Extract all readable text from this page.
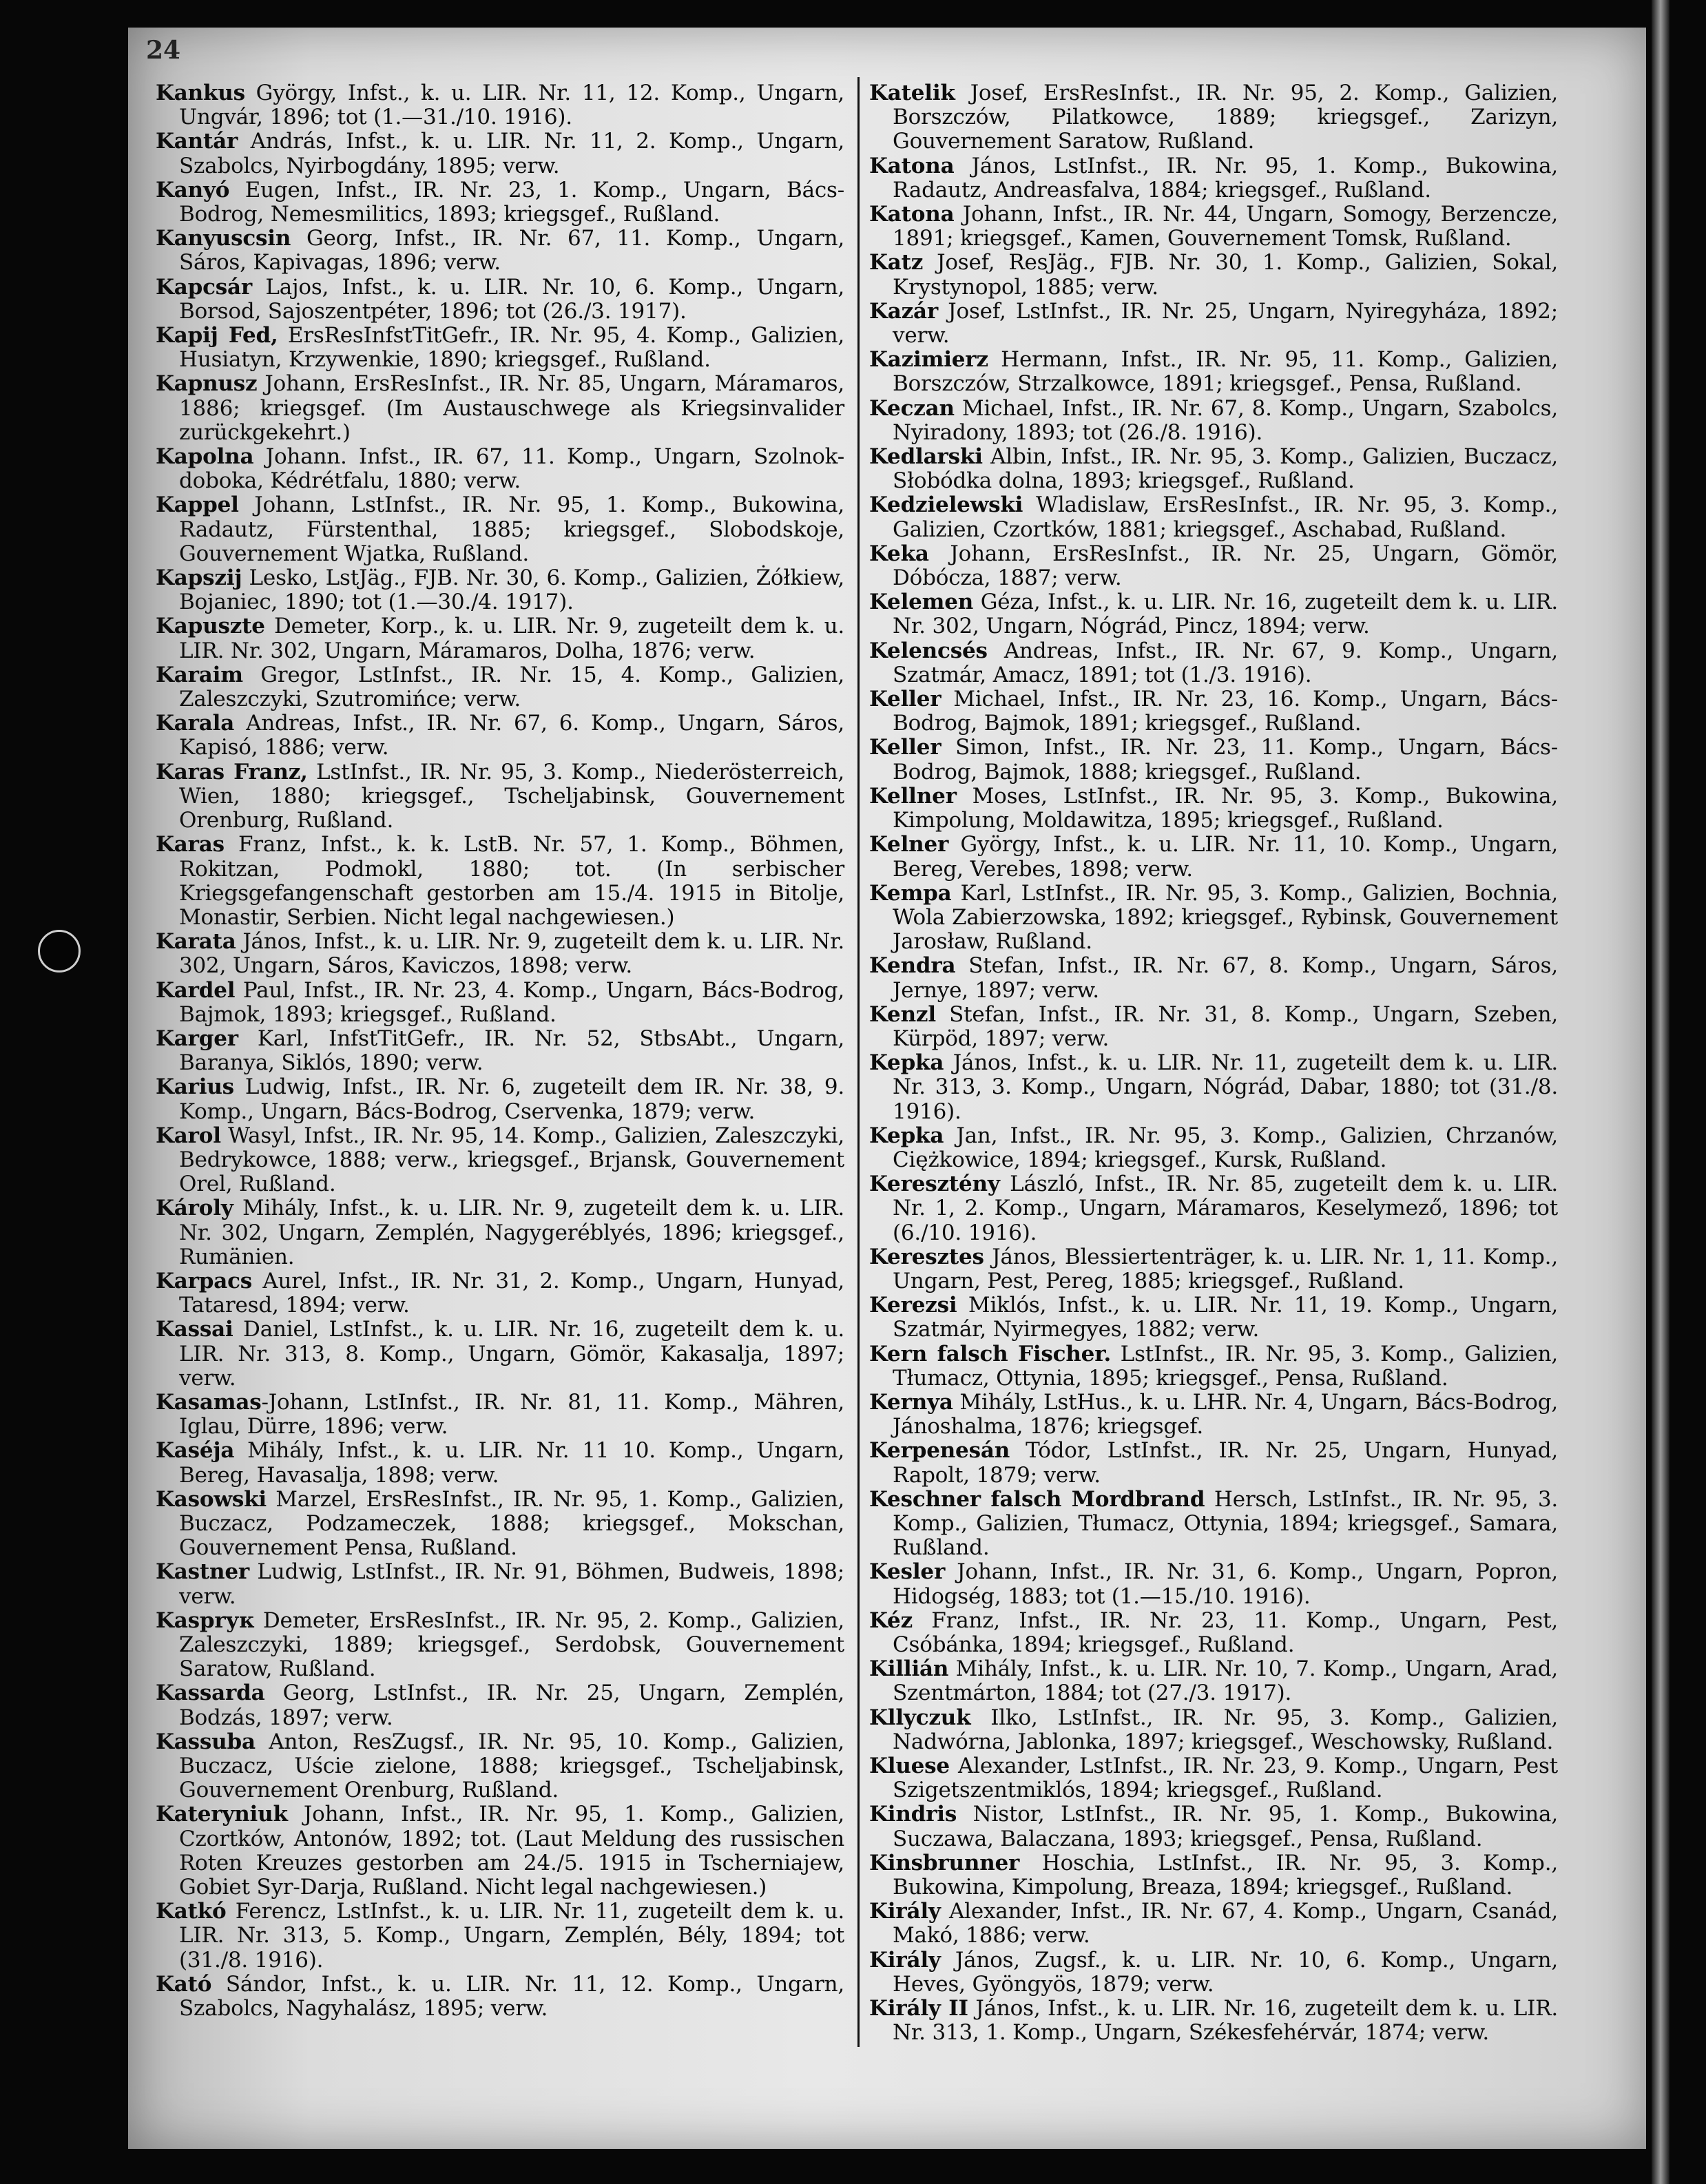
24

Kankus György, Infst., k. u. LIR. Nr. 11, 12. Komp., Ungarn, Ungvár, 1896; tot (1.—31./10. 1916).

Kantár András, Infst., k. u. LIR. Nr. 11, 2. Komp., Ungarn, Szabolcs, Nyirbogdány, 1895; verw.

Kanyó Eugen, Infst., IR. Nr. 23, 1. Komp., Ungarn, Bács-Bodrog, Nemesmilitics, 1893; kriegsgef., Rußland.

Kanyuscsin Georg, Infst., IR. Nr. 67, 11. Komp., Ungarn, Sáros, Kapivagas, 1896; verw.

Kapcsár Lajos, Infst., k. u. LIR. Nr. 10, 6. Komp., Ungarn, Borsod, Sajoszentpéter, 1896; tot (26./3. 1917).

Kapij Fed, ErsResInfstTitGefr., IR. Nr. 95, 4. Komp., Galizien, Husiatyn, Krzywenkie, 1890; kriegsgef., Rußland.

Kapnusz Johann, ErsResInfst., IR. Nr. 85, Ungarn, Máramaros, 1886; kriegsgef. (Im Austauschwege als Kriegsinvalider zurückgekehrt.)

Kapolna Johann. Infst., IR. 67, 11. Komp., Ungarn, Szolnok-doboka, Kédrétfalu, 1880; verw.

Kappel Johann, LstInfst., IR. Nr. 95, 1. Komp., Bukowina, Radautz, Fürstenthal, 1885; kriegsgef., Slobodskoje, Gouvernement Wjatka, Rußland.

Kapszij Lesko, LstJäg., FJB. Nr. 30, 6. Komp., Galizien, Żółkiew, Bojaniec, 1890; tot (1.—30./4. 1917).

Kapuszte Demeter, Korp., k. u. LIR. Nr. 9, zugeteilt dem k. u. LIR. Nr. 302, Ungarn, Máramaros, Dolha, 1876; verw.

Karaim Gregor, LstInfst., IR. Nr. 15, 4. Komp., Galizien, Zaleszczyki, Szutromińce; verw.

Karala Andreas, Infst., IR. Nr. 67, 6. Komp., Ungarn, Sáros, Kapisó, 1886; verw.

Karas Franz, LstInfst., IR. Nr. 95, 3. Komp., Niederösterreich, Wien, 1880; kriegsgef., Tscheljabinsk, Gouvernement Orenburg, Rußland.

Karas Franz, Infst., k. k. LstB. Nr. 57, 1. Komp., Böhmen, Rokitzan, Podmokl, 1880; tot. (In serbischer Kriegsgefangenschaft gestorben am 15./4. 1915 in Bitolje, Monastir, Serbien. Nicht legal nachgewiesen.)

Karata János, Infst., k. u. LIR. Nr. 9, zugeteilt dem k. u. LIR. Nr. 302, Ungarn, Sáros, Kaviczos, 1898; verw.

Kardel Paul, Infst., IR. Nr. 23, 4. Komp., Ungarn, Bács-Bodrog, Bajmok, 1893; kriegsgef., Rußland.

Karger Karl, InfstTitGefr., IR. Nr. 52, StbsAbt., Ungarn, Baranya, Siklós, 1890; verw.

Karius Ludwig, Infst., IR. Nr. 6, zugeteilt dem IR. Nr. 38, 9. Komp., Ungarn, Bács-Bodrog, Cservenka, 1879; verw.

Karol Wasyl, Infst., IR. Nr. 95, 14. Komp., Galizien, Zaleszczyki, Bedrykowce, 1888; verw., kriegsgef., Brjansk, Gouvernement Orel, Rußland.

Károly Mihály, Infst., k. u. LIR. Nr. 9, zugeteilt dem k. u. LIR. Nr. 302, Ungarn, Zemplén, Nagygeréblyés, 1896; kriegsgef., Rumänien.

Karpacs Aurel, Infst., IR. Nr. 31, 2. Komp., Ungarn, Hunyad, Tataresd, 1894; verw.

Kassai Daniel, LstInfst., k. u. LIR. Nr. 16, zugeteilt dem k. u. LIR. Nr. 313, 8. Komp., Ungarn, Gömör, Kakasalja, 1897; verw.

Kasamas-Johann, LstInfst., IR. Nr. 81, 11. Komp., Mähren, Iglau, Dürre, 1896; verw.

Kaséja Mihály, Infst., k. u. LIR. Nr. 11 10. Komp., Ungarn, Bereg, Havasalja, 1898; verw.

Kasowski Marzel, ErsResInfst., IR. Nr. 95, 1. Komp., Galizien, Buczacz, Podzameczek, 1888; kriegsgef., Mokschan, Gouvernement Pensa, Rußland.

Kastner Ludwig, LstInfst., IR. Nr. 91, Böhmen, Budweis, 1898; verw.

Kasprук Demeter, ErsResInfst., IR. Nr. 95, 2. Komp., Galizien, Zaleszczyki, 1889; kriegsgef., Serdobsk, Gouvernement Saratow, Rußland.

Kassarda Georg, LstInfst., IR. Nr. 25, Ungarn, Zemplén, Bodzás, 1897; verw.

Kassuba Anton, ResZugsf., IR. Nr. 95, 10. Komp., Galizien, Buczacz, Uście zielone, 1888; kriegsgef., Tscheljabinsk, Gouvernement Orenburg, Rußland.

Kateryniuk Johann, Infst., IR. Nr. 95, 1. Komp., Galizien, Czortków, Antonów, 1892; tot. (Laut Meldung des russischen Roten Kreuzes gestorben am 24./5. 1915 in Tscherniajew, Gobiet Syr-Darja, Rußland. Nicht legal nachgewiesen.)

Katkó Ferencz, LstInfst., k. u. LIR. Nr. 11, zugeteilt dem k. u. LIR. Nr. 313, 5. Komp., Ungarn, Zemplén, Bély, 1894; tot (31./8. 1916).

Kató Sándor, Infst., k. u. LIR. Nr. 11, 12. Komp., Ungarn, Szabolcs, Nagyhalász, 1895; verw.

Katelik Josef, ErsResInfst., IR. Nr. 95, 2. Komp., Galizien, Borszczów, Pilatkowce, 1889; kriegsgef., Zarizyn, Gouvernement Saratow, Rußland.

Katona János, LstInfst., IR. Nr. 95, 1. Komp., Bukowina, Radautz, Andreasfalva, 1884; kriegsgef., Rußland.

Katona Johann, Infst., IR. Nr. 44, Ungarn, Somogy, Berzencze, 1891; kriegsgef., Kamen, Gouvernement Tomsk, Rußland.

Katz Josef, ResJäg., FJB. Nr. 30, 1. Komp., Galizien, Sokal, Krystynopol, 1885; verw.

Kazár Josef, LstInfst., IR. Nr. 25, Ungarn, Nyiregyháza, 1892; verw.

Kazimierz Hermann, Infst., IR. Nr. 95, 11. Komp., Galizien, Borszczów, Strzalkowce, 1891; kriegsgef., Pensa, Rußland.

Keczan Michael, Infst., IR. Nr. 67, 8. Komp., Ungarn, Szabolcs, Nyiradony, 1893; tot (26./8. 1916).

Kedlarski Albin, Infst., IR. Nr. 95, 3. Komp., Galizien, Buczacz, Słobódka dolna, 1893; kriegsgef., Rußland.

Kedzielewski Wladislaw, ErsResInfst., IR. Nr. 95, 3. Komp., Galizien, Czortków, 1881; kriegsgef., Aschabad, Rußland.

Keka Johann, ErsResInfst., IR. Nr. 25, Ungarn, Gömör, Dóbócza, 1887; verw.

Kelemen Géza, Infst., k. u. LIR. Nr. 16, zugeteilt dem k. u. LIR. Nr. 302, Ungarn, Nógrád, Pincz, 1894; verw.

Kelencsés Andreas, Infst., IR. Nr. 67, 9. Komp., Ungarn, Szatmár, Amacz, 1891; tot (1./3. 1916).

Keller Michael, Infst., IR. Nr. 23, 16. Komp., Ungarn, Bács-Bodrog, Bajmok, 1891; kriegsgef., Rußland.

Keller Simon, Infst., IR. Nr. 23, 11. Komp., Ungarn, Bács-Bodrog, Bajmok, 1888; kriegsgef., Rußland.

Kellner Moses, LstInfst., IR. Nr. 95, 3. Komp., Bukowina, Kimpolung, Moldawitza, 1895; kriegsgef., Rußland.

Kelner György, Infst., k. u. LIR. Nr. 11, 10. Komp., Ungarn, Bereg, Verebes, 1898; verw.

Kempa Karl, LstInfst., IR. Nr. 95, 3. Komp., Galizien, Bochnia, Wola Zabierzowska, 1892; kriegsgef., Rybinsk, Gouvernement Jarosław, Rußland.

Kendra Stefan, Infst., IR. Nr. 67, 8. Komp., Ungarn, Sáros, Jernye, 1897; verw.

Kenzl Stefan, Infst., IR. Nr. 31, 8. Komp., Ungarn, Szeben, Kürpöd, 1897; verw.

Kepka János, Infst., k. u. LIR. Nr. 11, zugeteilt dem k. u. LIR. Nr. 313, 3. Komp., Ungarn, Nógrád, Dabar, 1880; tot (31./8. 1916).

Kepka Jan, Infst., IR. Nr. 95, 3. Komp., Galizien, Chrzanów, Ciężkowice, 1894; kriegsgef., Kursk, Rußland.

Keresztény László, Infst., IR. Nr. 85, zugeteilt dem k. u. LIR. Nr. 1, 2. Komp., Ungarn, Máramaros, Keselymező, 1896; tot (6./10. 1916).

Keresztes János, Blessiertenträger, k. u. LIR. Nr. 1, 11. Komp., Ungarn, Pest, Pereg, 1885; kriegsgef., Rußland.

Kerezsi Miklós, Infst., k. u. LIR. Nr. 11, 19. Komp., Ungarn, Szatmár, Nyirmegyes, 1882; verw.

Kern falsch Fischer. LstInfst., IR. Nr. 95, 3. Komp., Galizien, Tłumacz, Ottynia, 1895; kriegsgef., Pensa, Rußland.

Kernya Mihály, LstHus., k. u. LHR. Nr. 4, Ungarn, Bács-Bodrog, Jánoshalma, 1876; kriegsgef.

Kerpenesán Tódor, LstInfst., IR. Nr. 25, Ungarn, Hunyad, Rapolt, 1879; verw.

Keschner falsch Mordbrand Hersch, LstInfst., IR. Nr. 95, 3. Komp., Galizien, Tłumacz, Ottynia, 1894; kriegsgef., Samara, Rußland.

Kesler Johann, Infst., IR. Nr. 31, 6. Komp., Ungarn, Popron, Hidogség, 1883; tot (1.—15./10. 1916).

Kéz Franz, Infst., IR. Nr. 23, 11. Komp., Ungarn, Pest, Csóbánka, 1894; kriegsgef., Rußland.

Killián Mihály, Infst., k. u. LIR. Nr. 10, 7. Komp., Ungarn, Arad, Szentmárton, 1884; tot (27./3. 1917).

Kllyczuk Ilko, LstInfst., IR. Nr. 95, 3. Komp., Galizien, Nadwórna, Jablonka, 1897; kriegsgef., Weschowsky, Rußland.

Kluese Alexander, LstInfst., IR. Nr. 23, 9. Komp., Ungarn, Pest Szigetszentmiklós, 1894; kriegsgef., Rußland.

Kindris Nistor, LstInfst., IR. Nr. 95, 1. Komp., Bukowina, Suczawa, Balaczana, 1893; kriegsgef., Pensa, Rußland.

Kinsbrunner Hoschia, LstInfst., IR. Nr. 95, 3. Komp., Bukowina, Kimpolung, Breaza, 1894; kriegsgef., Rußland.

Király Alexander, Infst., IR. Nr. 67, 4. Komp., Ungarn, Csanád, Makó, 1886; verw.

Király János, Zugsf., k. u. LIR. Nr. 10, 6. Komp., Ungarn, Heves, Gyöngyös, 1879; verw.

Király II János, Infst., k. u. LIR. Nr. 16, zugeteilt dem k. u. LIR. Nr. 313, 1. Komp., Ungarn, Székesfehérvár, 1874; verw.
